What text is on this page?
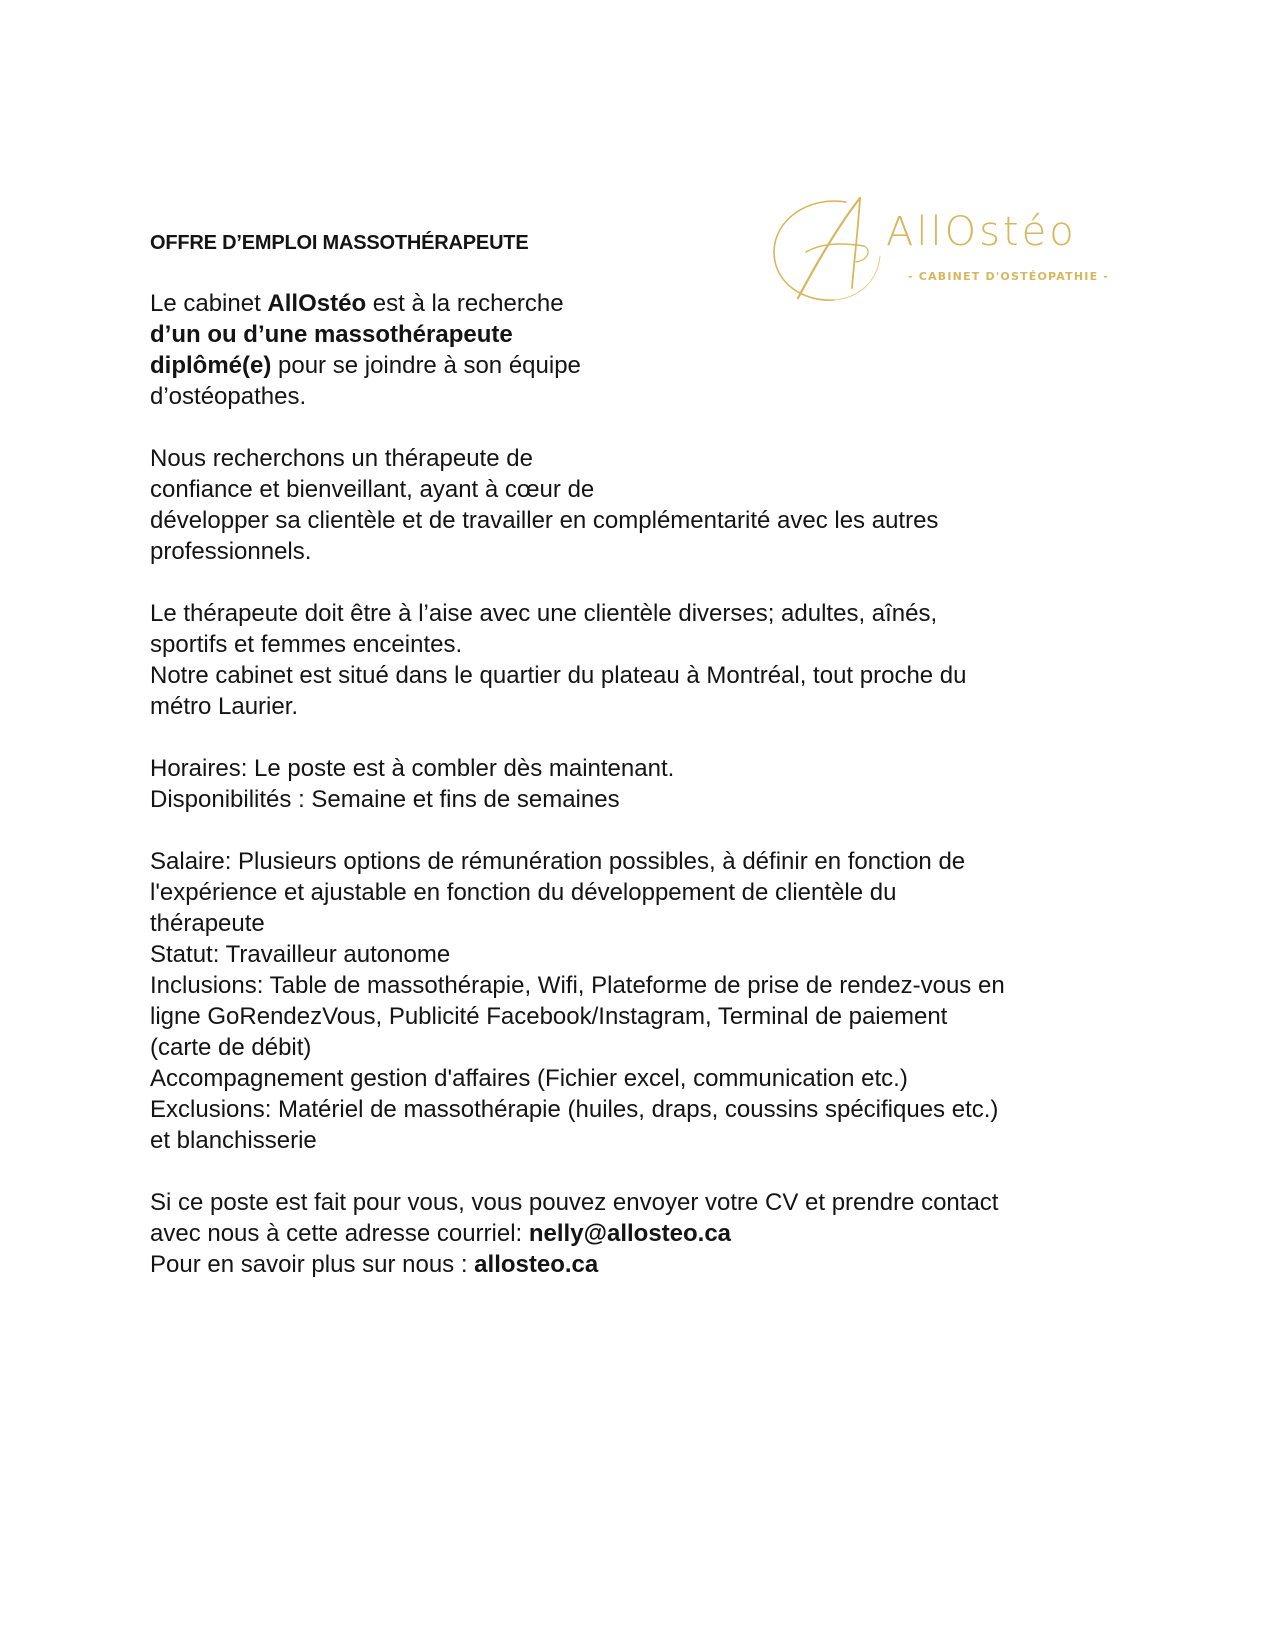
AllOstéo
- CABINET D'OSTÉOPATHIE -
OFFRE D’EMPLOI MASSOTHÉRAPEUTE

Le cabinet AllOstéo est à la recherche

d’un ou d’une massothérapeute

diplômé(e) pour se joindre à son équipe

d’ostéopathes.

Nous recherchons un thérapeute de

confiance et bienveillant, ayant à cœur de

développer sa clientèle et de travailler en complémentarité avec les autres

professionnels.

Le thérapeute doit être à l’aise avec une clientèle diverses; adultes, aînés,

sportifs et femmes enceintes.

Notre cabinet est situé dans le quartier du plateau à Montréal, tout proche du

métro Laurier.

Horaires: Le poste est à combler dès maintenant.

Disponibilités : Semaine et fins de semaines

Salaire: Plusieurs options de rémunération possibles, à définir en fonction de

l'expérience et ajustable en fonction du développement de clientèle du

thérapeute

Statut: Travailleur autonome

Inclusions: Table de massothérapie, Wifi, Plateforme de prise de rendez-vous en

ligne GoRendezVous, Publicité Facebook/Instagram, Terminal de paiement

(carte de débit)

Accompagnement gestion d'affaires (Fichier excel, communication etc.)

Exclusions: Matériel de massothérapie (huiles, draps, coussins spécifiques etc.)

et blanchisserie

Si ce poste est fait pour vous, vous pouvez envoyer votre CV et prendre contact

avec nous à cette adresse courriel: nelly@allosteo.ca

Pour en savoir plus sur nous : allosteo.ca
